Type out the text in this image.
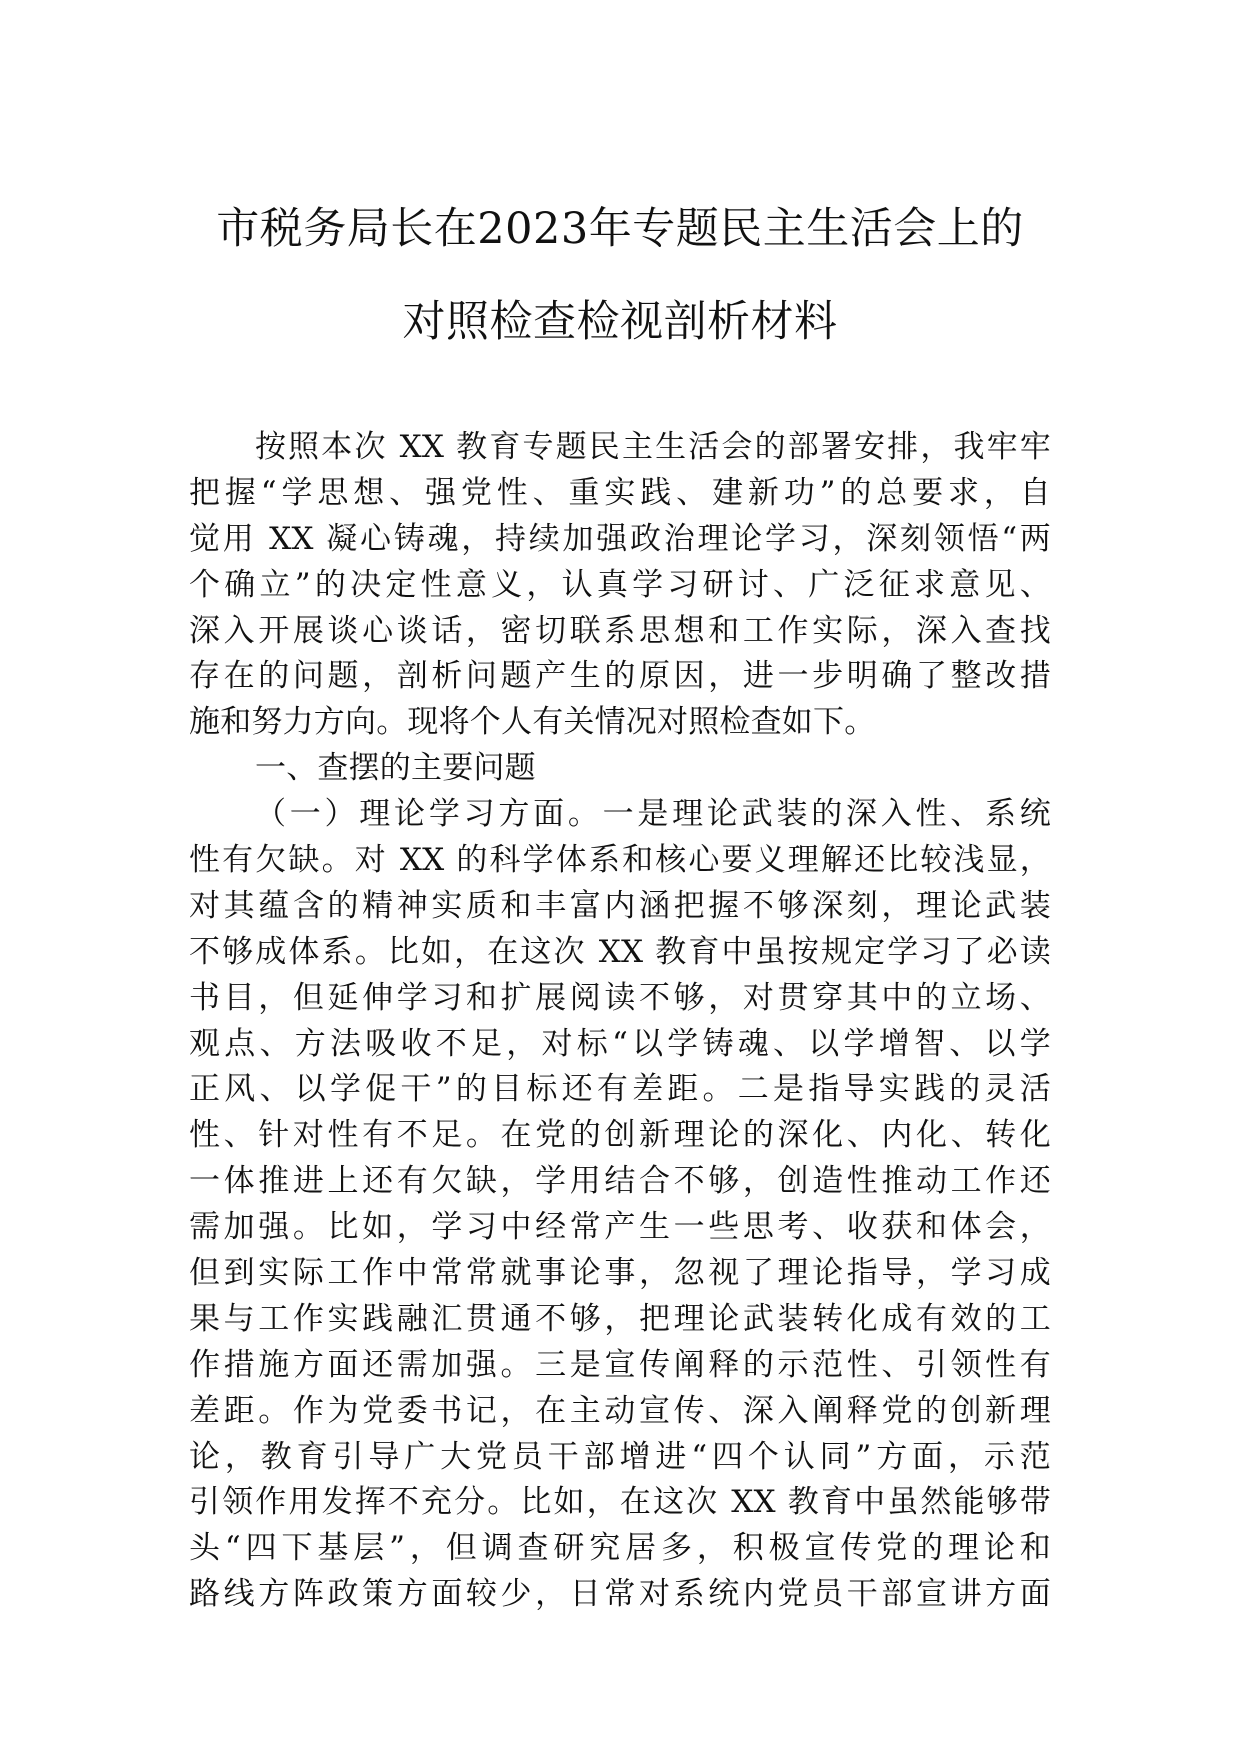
市税务局长在2023年专题民主生活会上的
对照检查检视剖析材料
按照本次 XX 教育专题民主生活会的部署安排，我牢牢
把握“学思想、强党性、重实践、建新功”的总要求，自
觉用 XX 凝心铸魂，持续加强政治理论学习，深刻领悟“两
个确立”的决定性意义，认真学习研讨、广泛征求意见、
深入开展谈心谈话，密切联系思想和工作实际，深入查找
存在的问题，剖析问题产生的原因，进一步明确了整改措
施和努力方向。现将个人有关情况对照检查如下。
一、查摆的主要问题
（一）理论学习方面。一是理论武装的深入性、系统
性有欠缺。对 XX 的科学体系和核心要义理解还比较浅显，
对其蕴含的精神实质和丰富内涵把握不够深刻，理论武装
不够成体系。比如，在这次 XX 教育中虽按规定学习了必读
书目，但延伸学习和扩展阅读不够，对贯穿其中的立场、
观点、方法吸收不足，对标“以学铸魂、以学增智、以学
正风、以学促干”的目标还有差距。二是指导实践的灵活
性、针对性有不足。在党的创新理论的深化、内化、转化
一体推进上还有欠缺，学用结合不够，创造性推动工作还
需加强。比如，学习中经常产生一些思考、收获和体会，
但到实际工作中常常就事论事，忽视了理论指导，学习成
果与工作实践融汇贯通不够，把理论武装转化成有效的工
作措施方面还需加强。三是宣传阐释的示范性、引领性有
差距。作为党委书记，在主动宣传、深入阐释党的创新理
论，教育引导广大党员干部增进“四个认同”方面，示范
引领作用发挥不充分。比如，在这次 XX 教育中虽然能够带
头“四下基层”，但调查研究居多，积极宣传党的理论和
路线方阵政策方面较少，日常对系统内党员干部宣讲方面
